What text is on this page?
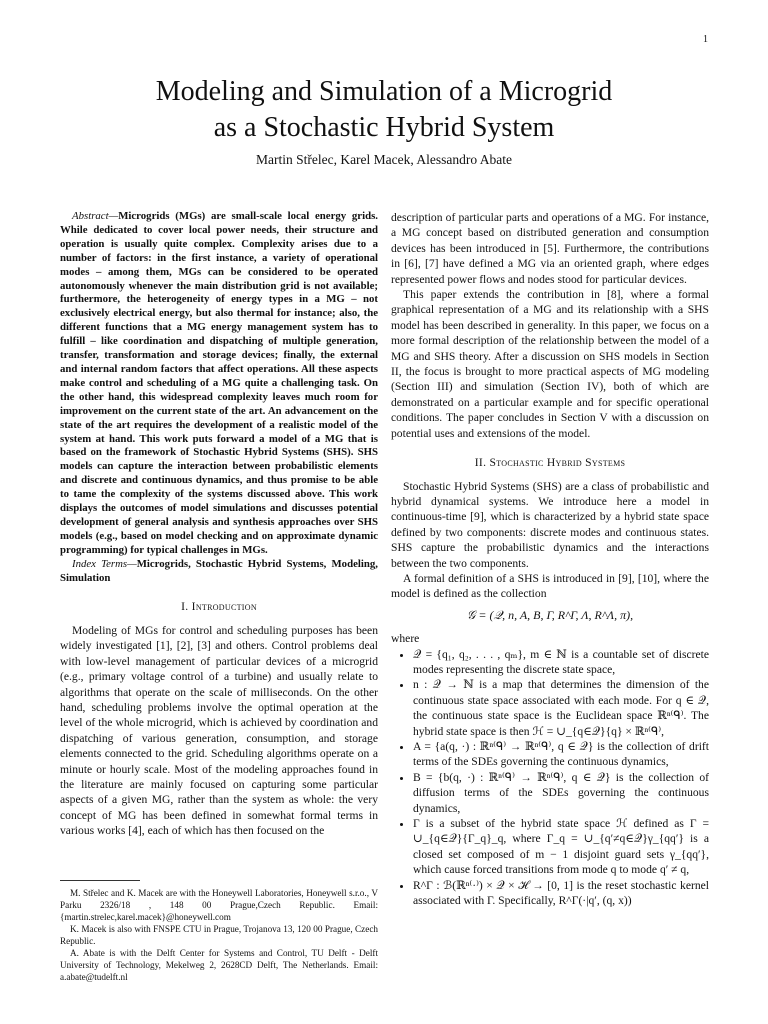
1
Modeling and Simulation of a Microgrid
as a Stochastic Hybrid System
Martin Střelec, Karel Macek, Alessandro Abate

Abstract—Microgrids (MGs) are small-scale local energy grids. While dedicated to cover local power needs, their structure and operation is usually quite complex. Complexity arises due to a number of factors: in the first instance, a variety of operational modes – among them, MGs can be considered to be operated autonomously whenever the main distribution grid is not available; furthermore, the heterogeneity of energy types in a MG – not exclusively electrical energy, but also thermal for instance; also, the different functions that a MG energy management system has to fulfill – like coordination and dispatching of multiple generation, transfer, transformation and storage devices; finally, the external and internal random factors that affect operations. All these aspects make control and scheduling of a MG quite a challenging task. On the other hand, this widespread complexity leaves much room for improvement on the current state of the art. An advancement on the state of the art requires the development of a realistic model of the system at hand. This work puts forward a model of a MG that is based on the framework of Stochastic Hybrid Systems (SHS). SHS models can capture the interaction between probabilistic elements and discrete and continuous dynamics, and thus promise to be able to tame the complexity of the systems discussed above. This work displays the outcomes of model simulations and discusses potential development of general analysis and synthesis approaches over SHS models (e.g., based on model checking and on approximate dynamic programming) for typical challenges in MGs.

Index Terms—Microgrids, Stochastic Hybrid Systems, Modeling, Simulation

I. Introduction

Modeling of MGs for control and scheduling purposes has been widely investigated [1], [2], [3] and others. Control problems deal with low-level management of particular devices of a microgrid (e.g., primary voltage control of a turbine) and usually relate to algorithms that operate on the scale of milliseconds. On the other hand, scheduling problems involve the optimal operation at the level of the whole microgrid, which is achieved by coordination and dispatching of various generation, consumption, and storage elements connected to the grid. Scheduling algorithms operate on a minute or hourly scale. Most of the modeling approaches found in the literature are mainly focused on capturing some particular aspects of a given MG, rather than the system as whole: the very concept of MG has been defined in somewhat formal terms in various works [4], each of which has then focused on the

M. Střelec and K. Macek are with the Honeywell Laboratories, Honeywell s.r.o., V Parku 2326/18 , 148 00 Prague,Czech Republic. Email: {martin.strelec,karel.macek}@honeywell.com

K. Macek is also with FNSPE CTU in Prague, Trojanova 13, 120 00 Prague, Czech Republic.

A. Abate is with the Delft Center for Systems and Control, TU Delft - Delft University of Technology, Mekelweg 2, 2628CD Delft, The Netherlands. Email: a.abate@tudelft.nl

description of particular parts and operations of a MG. For instance, a MG concept based on distributed generation and consumption devices has been introduced in [5]. Furthermore, the contributions in [6], [7] have defined a MG via an oriented graph, where edges represented power flows and nodes stood for particular devices.

This paper extends the contribution in [8], where a formal graphical representation of a MG and its relationship with a SHS model has been described in generality. In this paper, we focus on a more formal description of the relationship between the model of a MG and SHS theory. After a discussion on SHS models in Section II, the focus is brought to more practical aspects of MG modeling (Section III) and simulation (Section IV), both of which are demonstrated on a particular example and for specific operational conditions. The paper concludes in Section V with a discussion on potential uses and extensions of the model.

II. Stochastic Hybrid Systems

Stochastic Hybrid Systems (SHS) are a class of probabilistic and hybrid dynamical systems. We introduce here a model in continuous-time [9], which is characterized by a hybrid state space defined by two components: discrete modes and continuous states. SHS capture the probabilistic dynamics and the interactions between the two components.

A formal definition of a SHS is introduced in [9], [10], where the model is defined as the collection

𝒢 = (𝒬, n, A, B, Γ, R^Γ, Λ, R^Λ, π),

where

• 𝒬 = {q₁, q₂, . . . , qₘ}, m ∈ ℕ is a countable set of discrete modes representing the discrete state space,
• n : 𝒬 → ℕ is a map that determines the dimension of the continuous state space associated with each mode. For q ∈ 𝒬, the continuous state space is the Euclidean space ℝⁿ⁽ᑫ⁾. The hybrid state space is then ℋ = ∪_{q∈𝒬}{q} × ℝⁿ⁽ᑫ⁾,
• A = {a(q, ·) : ℝⁿ⁽ᑫ⁾ → ℝⁿ⁽ᑫ⁾, q ∈ 𝒬} is the collection of drift terms of the SDEs governing the continuous dynamics,
• B = {b(q, ·) : ℝⁿ⁽ᑫ⁾ → ℝⁿ⁽ᑫ⁾, q ∈ 𝒬} is the collection of diffusion terms of the SDEs governing the continuous dynamics,
• Γ is a subset of the hybrid state space ℋ defined as Γ = ∪_{q∈𝒬}{Γ_q}_q, where Γ_q = ∪_{q′≠q∈𝒬}γ_{qq′} is a closed set composed of m − 1 disjoint guard sets γ_{qq′}, which cause forced transitions from mode q to mode q′ ≠ q,
• R^Γ : ℬ(ℝⁿ⁽·⁾) × 𝒬 × ℋ → [0, 1] is the reset stochastic kernel associated with Γ. Specifically, R^Γ(·|q′, (q, x))
